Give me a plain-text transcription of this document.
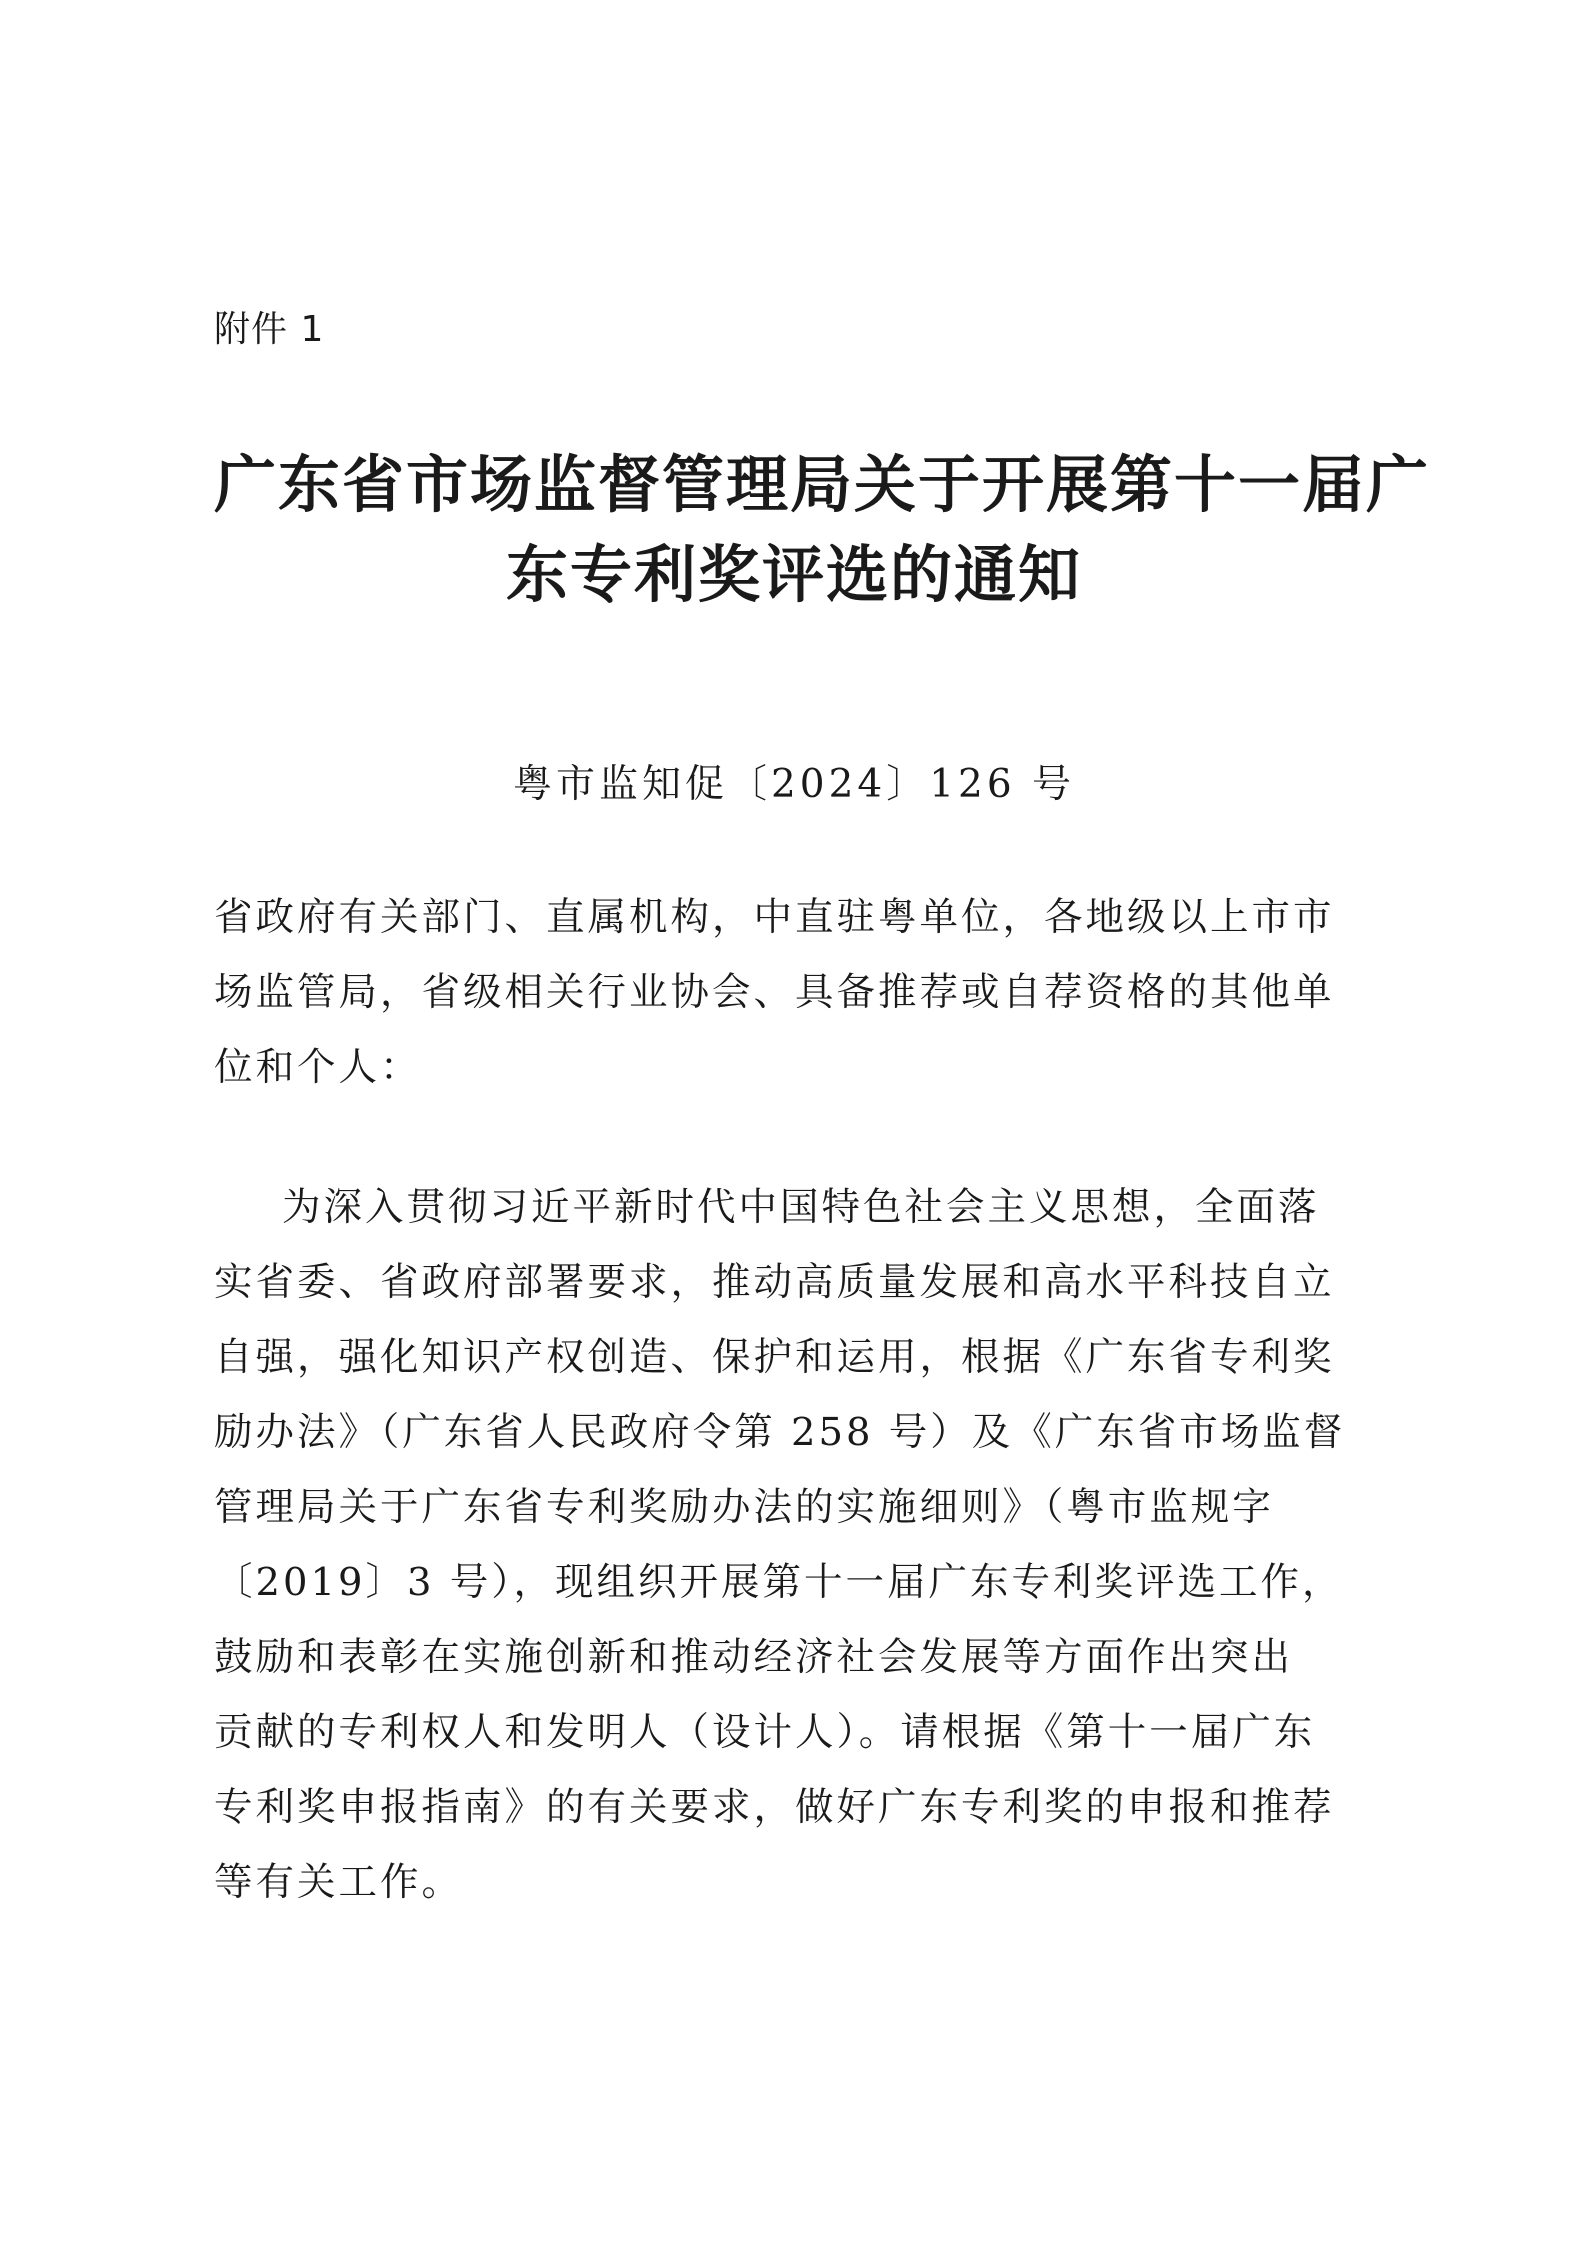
附件 1
广东省市场监督管理局关于开展第十一届广
东专利奖评选的通知
粤市监知促〔2024〕126 号
省政府有关部门、直属机构，中直驻粤单位，各地级以上市市
场监管局，省级相关行业协会、具备推荐或自荐资格的其他单
位和个人：
为深入贯彻习近平新时代中国特色社会主义思想，全面落
实省委、省政府部署要求，推动高质量发展和高水平科技自立
自强，强化知识产权创造、保护和运用，根据《广东省专利奖
励办法》（广东省人民政府令第 258 号）及《广东省市场监督
管理局关于广东省专利奖励办法的实施细则》（粤市监规字
〔2019〕3 号），现组织开展第十一届广东专利奖评选工作，
鼓励和表彰在实施创新和推动经济社会发展等方面作出突出
贡献的专利权人和发明人（设计人）。请根据《第十一届广东
专利奖申报指南》的有关要求，做好广东专利奖的申报和推荐
等有关工作。
